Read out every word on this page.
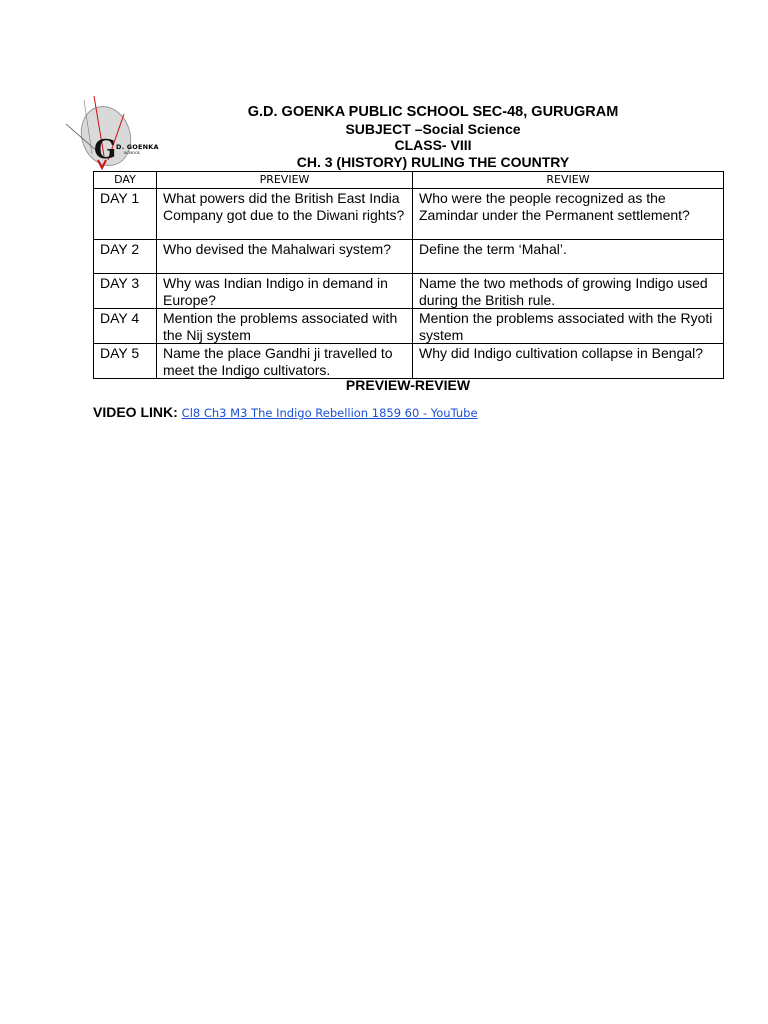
G D. GOENKA
SCHOOL
G.D. GOENKA PUBLIC SCHOOL SEC-48, GURUGRAM
SUBJECT –Social Science
CLASS- VIII
CH. 3 (HISTORY) RULING THE COUNTRY
DAY	PREVIEW	REVIEW
DAY 1	What powers did the British East India Company got due to the Diwani rights?	Who were the people recognized as the Zamindar under the Permanent settlement?
DAY 2	Who devised the Mahalwari system?	Define the term ‘Mahal’.
DAY 3	Why was Indian Indigo in demand in Europe?	Name the two methods of growing Indigo used during the British rule.
DAY 4	Mention the problems associated with the Nij system	Mention the problems associated with the Ryoti system
DAY 5	Name the place Gandhi ji travelled to meet the Indigo cultivators.	Why did Indigo cultivation collapse in Bengal?
PREVIEW-REVIEW
VIDEO LINK: Cl8 Ch3 M3 The Indigo Rebellion 1859 60 - YouTube
